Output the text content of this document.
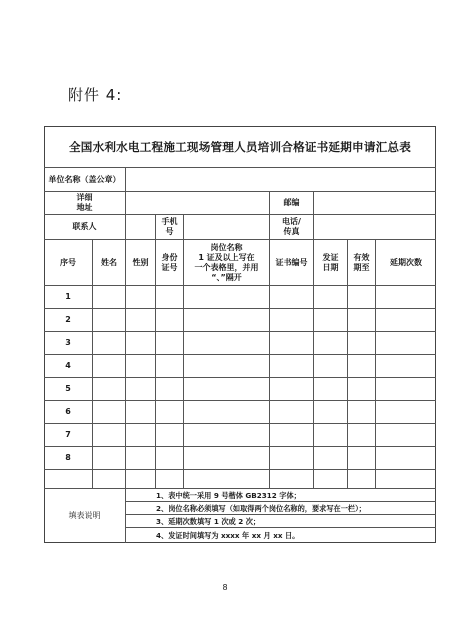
附件 4:
全国水利水电工程施工现场管理人员培训合格证书延期申请汇总表
单位名称（盖公章）
详细
地址
邮编
联系人
手机
号
电话/
传真
序号	姓名	性别
身份
证号
岗位名称
1 证及以上写在
一个表格里，并用
“、”隔开
证书编号
发证
日期
有效
期至
延期次数
1
2
3
4
5
6
7
8
填表说明
1、表中统一采用 9 号楷体 GB2312 字体；
2、岗位名称必须填写（如取得两个岗位名称的，要求写在一栏）；
3、延期次数填写 1 次或 2 次；
4、发证时间填写为 xxxx 年 xx 月 xx 日。
8
